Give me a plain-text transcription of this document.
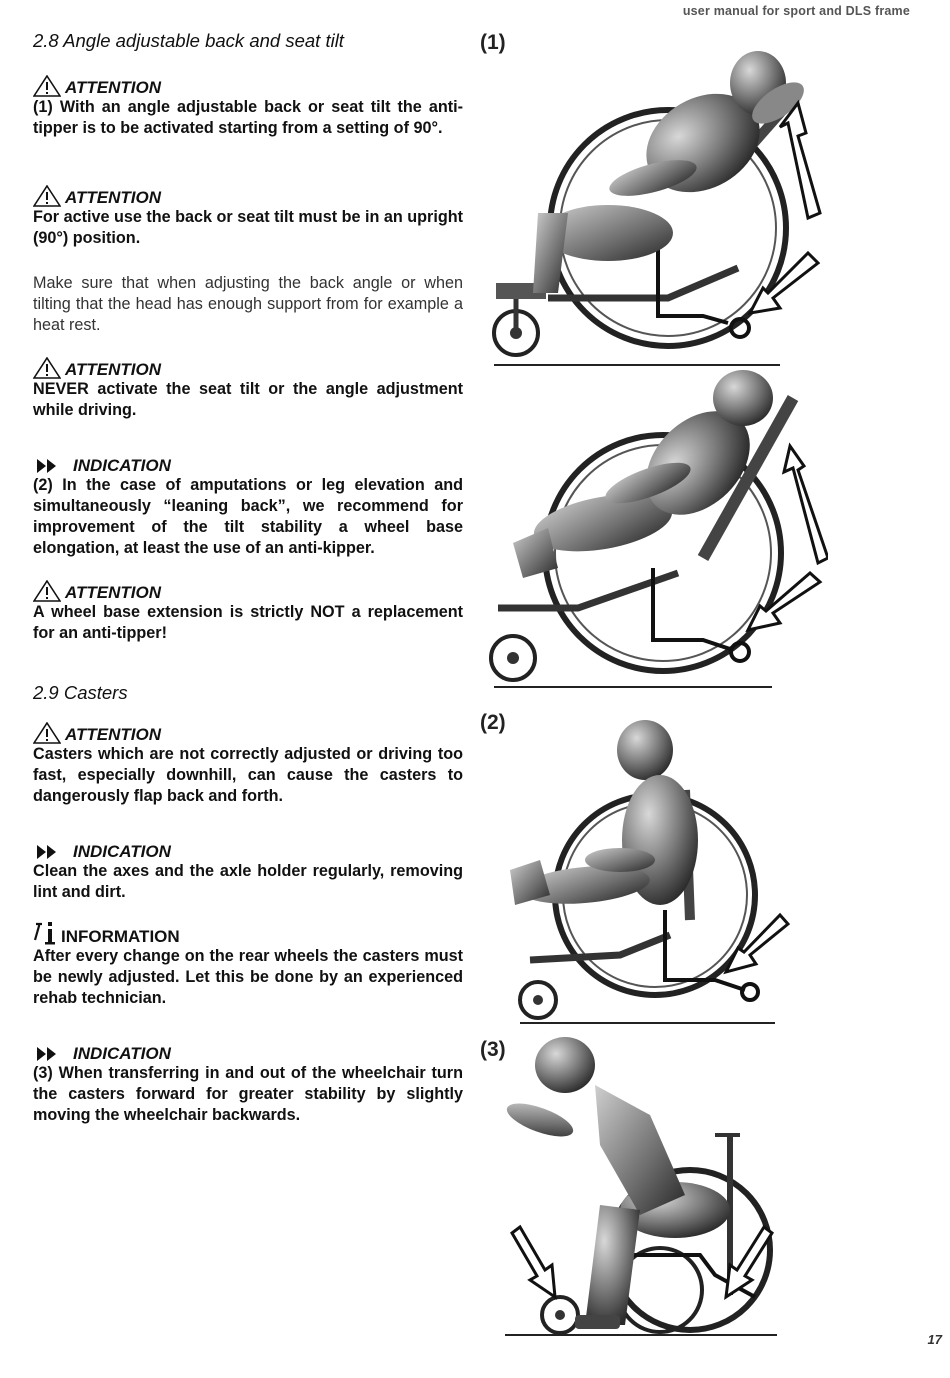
user manual for sport and DLS frame
17
2.8 Angle adjustable back and seat tilt
ATTENTION
(1) With an angle adjustable back or seat tilt the anti-tipper is to be activated starting from a setting of 90°.
ATTENTION
For active use the back or seat tilt must be in an upright (90°) position.
Make sure that when adjusting the back angle or when tilting that the head has enough support from for example a heat rest.
ATTENTION
NEVER activate the seat tilt or the angle adjustment while driving.
INDICATION
(2) In the case of amputations or leg elevation and simultaneously “leaning back”, we recommend for improvement of the tilt stability a wheel base elongation, at least the use of an anti-kipper.
ATTENTION
A wheel base extension is strictly NOT a replacement for an anti-tipper!
2.9 Casters
ATTENTION
Casters which are not correctly adjusted or driving too fast, especially downhill, can cause the casters to dangerously flap back and forth.
INDICATION
Clean the axes and the axle holder regularly, removing lint and dirt.
INFORMATION
After every change on the rear wheels the casters must be newly adjusted. Let this be done by an experienced rehab technician.
INDICATION
(3) When transferring in and out of the wheelchair turn the casters forward for greater stability by slightly moving the wheelchair backwards.
(1)
(2)
(3)
